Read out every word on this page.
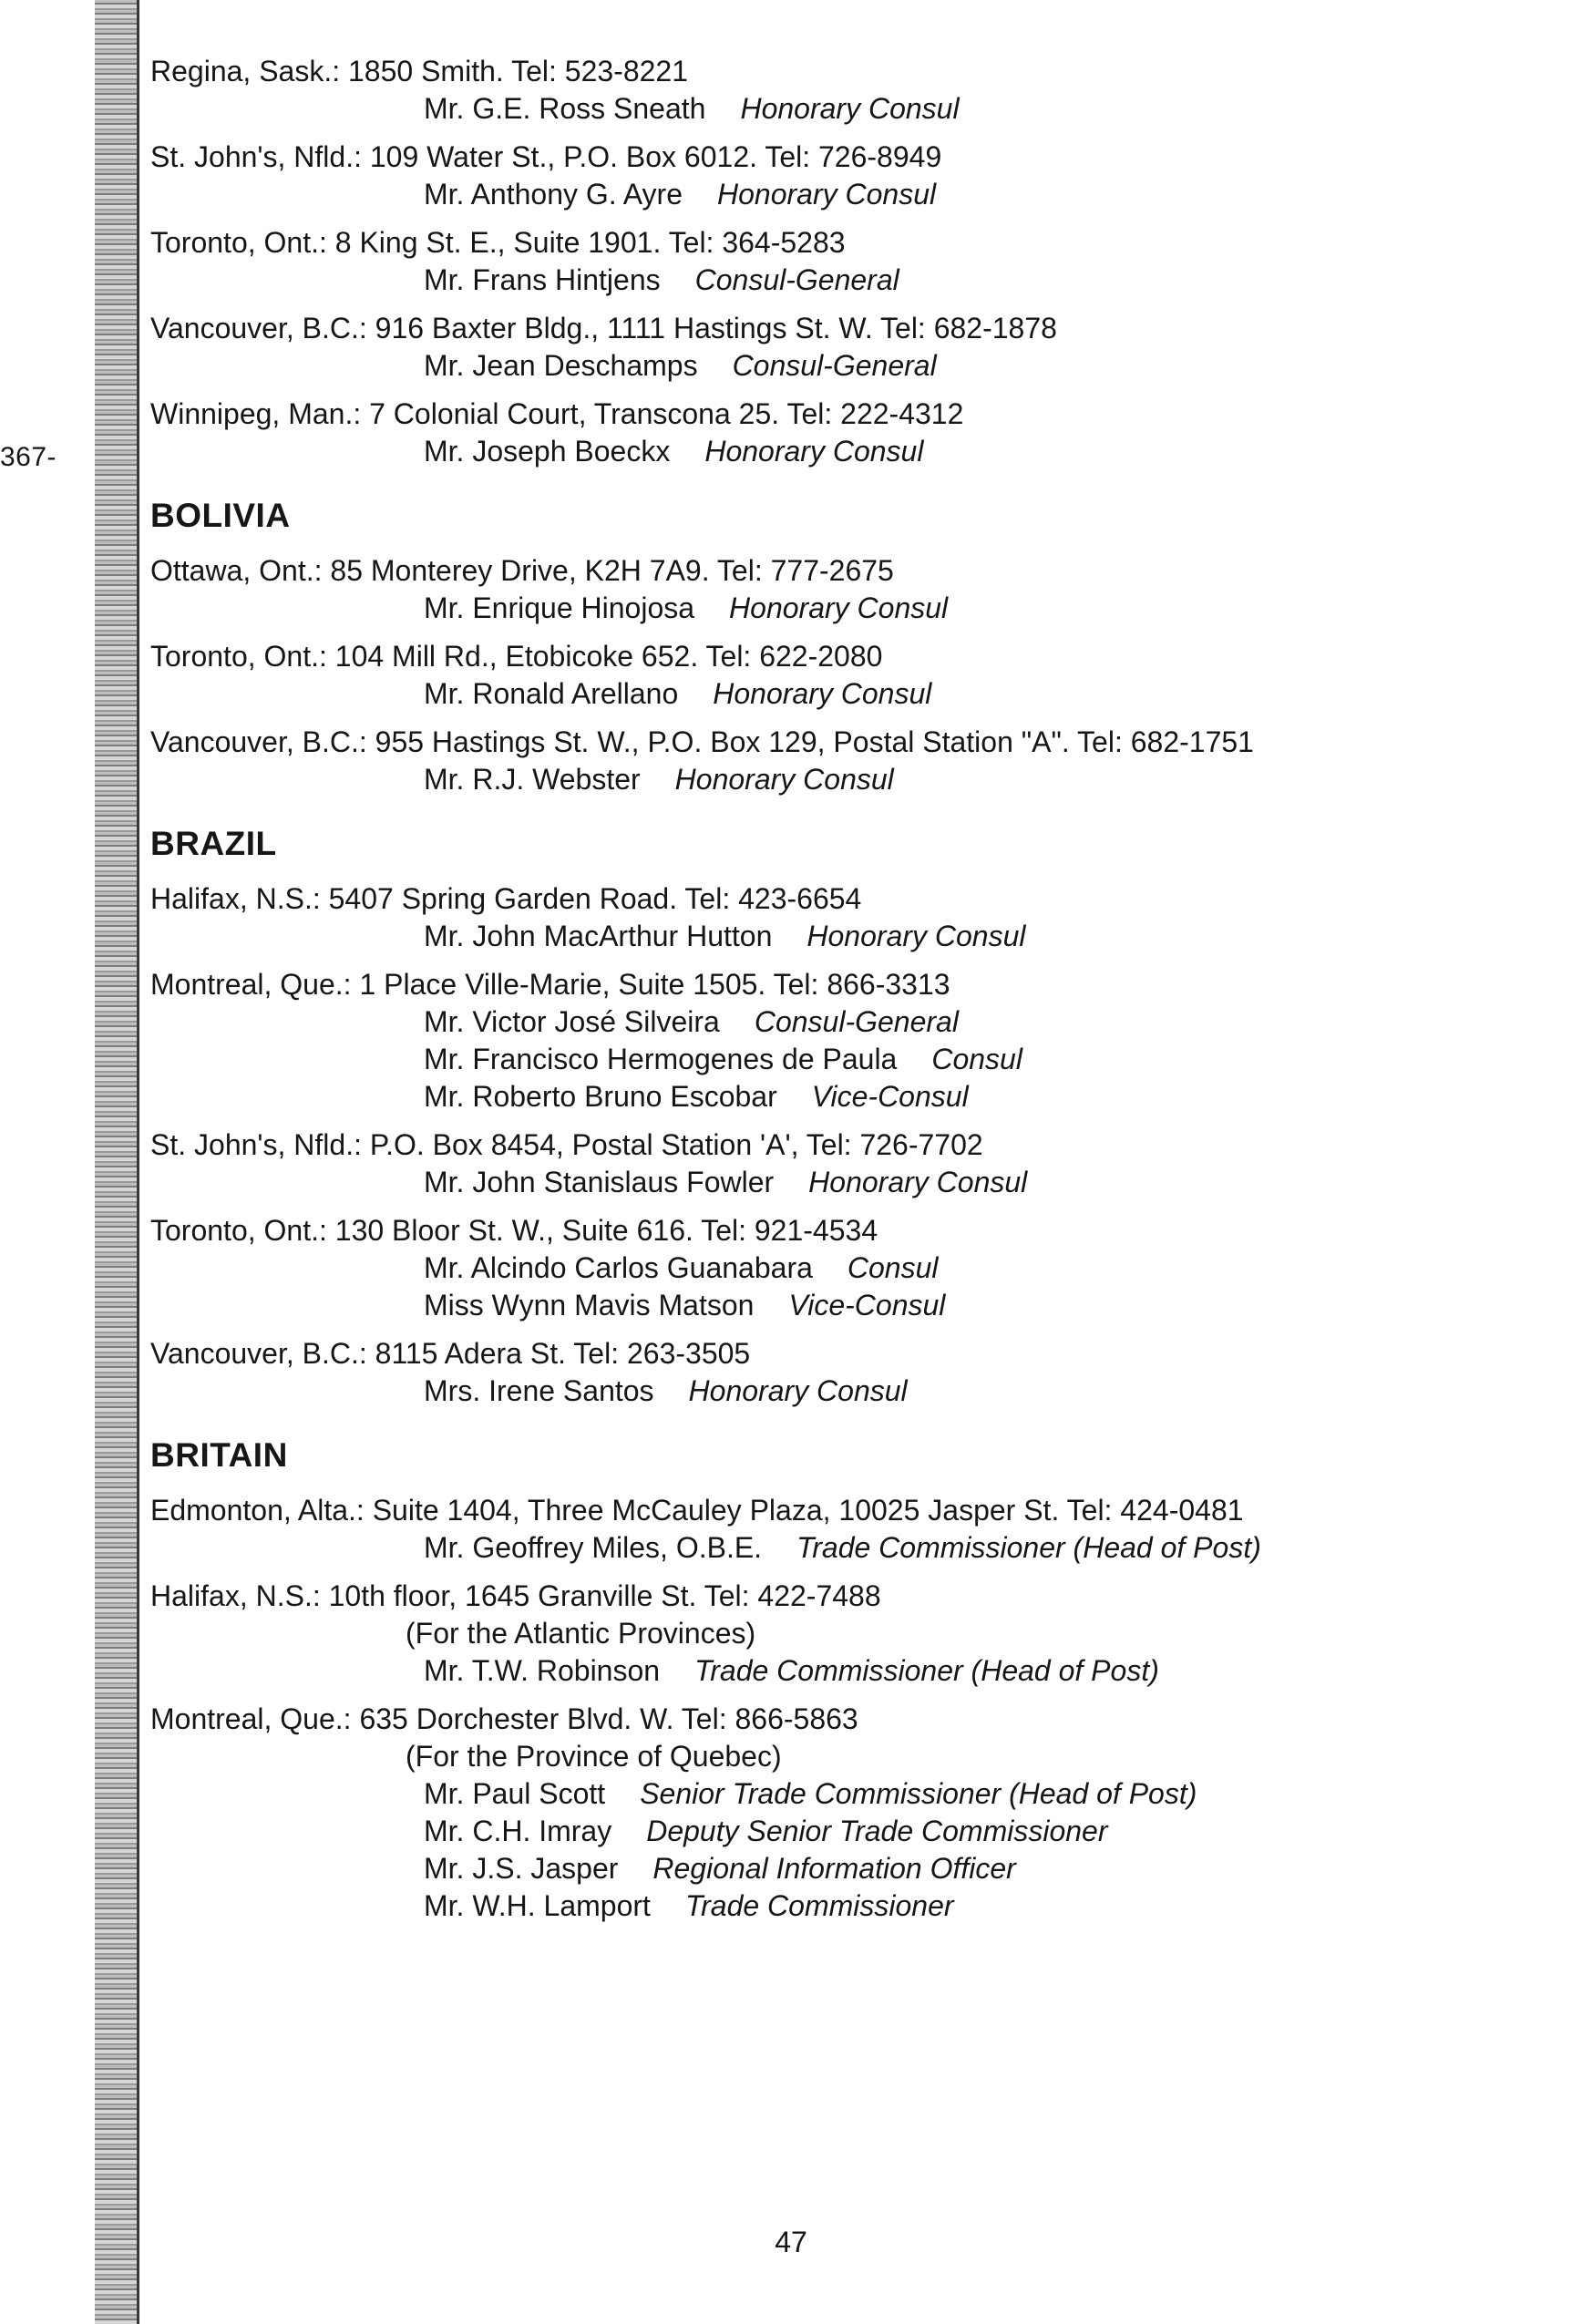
367-
Regina, Sask.: 1850 Smith. Tel: 523-8221
Mr. G.E. Ross Sneath Honorary Consul
St. John's, Nfld.: 109 Water St., P.O. Box 6012. Tel: 726-8949
Mr. Anthony G. Ayre Honorary Consul
Toronto, Ont.: 8 King St. E., Suite 1901. Tel: 364-5283
Mr. Frans Hintjens Consul-General
Vancouver, B.C.: 916 Baxter Bldg., 1111 Hastings St. W. Tel: 682-1878
Mr. Jean Deschamps Consul-General
Winnipeg, Man.: 7 Colonial Court, Transcona 25. Tel: 222-4312
Mr. Joseph Boeckx Honorary Consul
BOLIVIA
Ottawa, Ont.: 85 Monterey Drive, K2H 7A9. Tel: 777-2675
Mr. Enrique Hinojosa Honorary Consul
Toronto, Ont.: 104 Mill Rd., Etobicoke 652. Tel: 622-2080
Mr. Ronald Arellano Honorary Consul
Vancouver, B.C.: 955 Hastings St. W., P.O. Box 129, Postal Station "A". Tel: 682-1751
Mr. R.J. Webster Honorary Consul
BRAZIL
Halifax, N.S.: 5407 Spring Garden Road. Tel: 423-6654
Mr. John MacArthur Hutton Honorary Consul
Montreal, Que.: 1 Place Ville-Marie, Suite 1505. Tel: 866-3313
Mr. Victor José Silveira Consul-General
Mr. Francisco Hermogenes de Paula Consul
Mr. Roberto Bruno Escobar Vice-Consul
St. John's, Nfld.: P.O. Box 8454, Postal Station 'A', Tel: 726-7702
Mr. John Stanislaus Fowler Honorary Consul
Toronto, Ont.: 130 Bloor St. W., Suite 616. Tel: 921-4534
Mr. Alcindo Carlos Guanabara Consul
Miss Wynn Mavis Matson Vice-Consul
Vancouver, B.C.: 8115 Adera St. Tel: 263-3505
Mrs. Irene Santos Honorary Consul
BRITAIN
Edmonton, Alta.: Suite 1404, Three McCauley Plaza, 10025 Jasper St. Tel: 424-0481
Mr. Geoffrey Miles, O.B.E. Trade Commissioner (Head of Post)
Halifax, N.S.: 10th floor, 1645 Granville St. Tel: 422-7488
(For the Atlantic Provinces)
Mr. T.W. Robinson Trade Commissioner (Head of Post)
Montreal, Que.: 635 Dorchester Blvd. W. Tel: 866-5863
(For the Province of Quebec)
Mr. Paul Scott Senior Trade Commissioner (Head of Post)
Mr. C.H. Imray Deputy Senior Trade Commissioner
Mr. J.S. Jasper Regional Information Officer
Mr. W.H. Lamport Trade Commissioner
47
